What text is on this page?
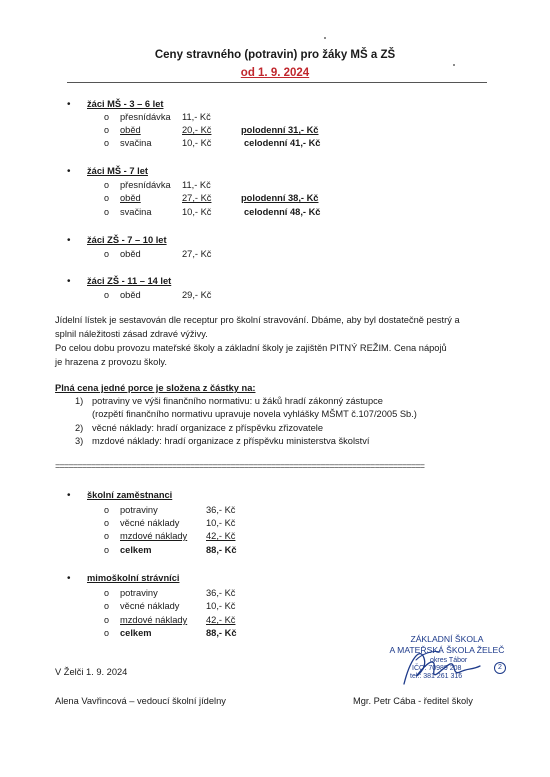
Ceny stravného (potravin) pro žáky MŠ a ZŠ
od 1. 9. 2024
• žáci MŠ - 3 – 6 let
o přesnídávka 11,- Kč
o oběd	20,- Kč	polodenní 31,- Kč
o svačina	10,- Kč	celodenní 41,- Kč
• žáci MŠ - 7 let
o přesnídávka 11,- Kč
o oběd	27,- Kč	polodenní 38,- Kč
o svačina	10,- Kč	celodenní 48,- Kč
• žáci ZŠ - 7 – 10 let
o oběd	27,- Kč
• žáci ZŠ - 11 – 14 let
o oběd	29,- Kč
Jídelní lístek je sestavován dle receptur pro školní stravování. Dbáme, aby byl dostatečně pestrý a
splnil náležitosti zásad zdravé výživy.
Po celou dobu provozu mateřské školy a základní školy je zajištěn PITNÝ REŽIM. Cena nápojů
je hrazena z provozu školy.
Plná cena jedné porce je složena z částky na:
1) potraviny ve výši finančního normativu: u žáků hradí zákonný zástupce
(rozpětí finančního normativu upravuje novela vyhlášky MŠMT č.107/2005 Sb.)
2) věcné náklady: hradí organizace z příspěvku zřizovatele
3) mzdové náklady: hradí organizace z příspěvku ministerstva školství
==================================================================================
• školní zaměstnanci
o potraviny	36,- Kč
o věcné náklady	10,- Kč
o mzdové náklady	42,- Kč
o celkem	88,- Kč
• mimoškolní strávníci
o potraviny	36,- Kč
o věcné náklady	10,- Kč
o mzdové náklady	42,- Kč
o celkem	88,- Kč
V Želči 1. 9. 2024
Alena Vavřincová – vedoucí školní jídelny	Mgr. Petr Cába - ředitel školy
ZÁKLADNÍ ŠKOLA
A MATEŘSKÁ ŠKOLA ŽELEČ
okres Tábor
IČO: 70989 208
tel.: 381 261 316
2
